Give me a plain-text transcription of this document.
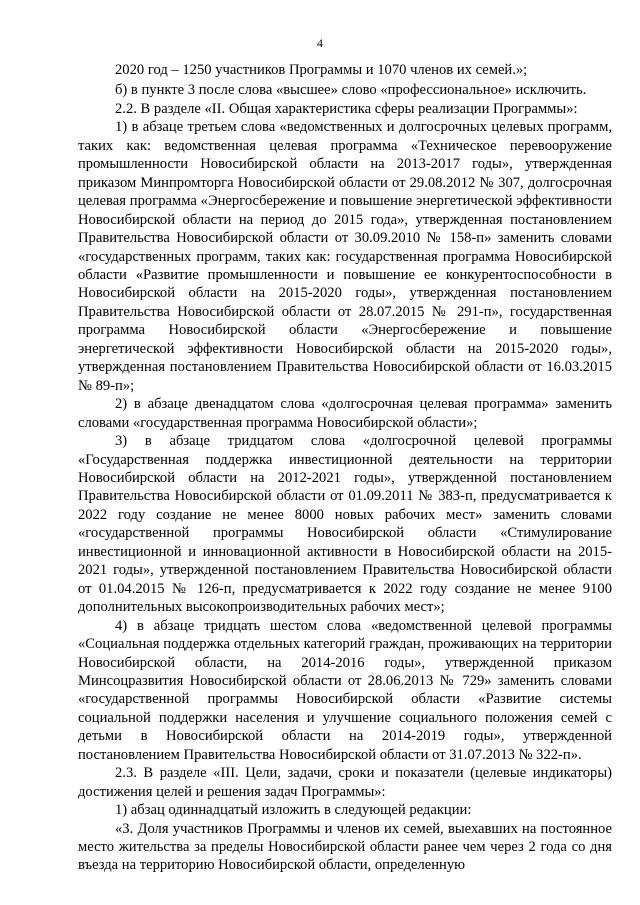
4

2020 год – 1250 участников Программы и 1070 членов их семей.»;

б) в пункте 3 после слова «высшее» слово «профессиональное» исключить.

2.2. В разделе «II. Общая характеристика сферы реализации Программы»:

1) в абзаце третьем слова «ведомственных и долгосрочных целевых программ, таких как: ведомственная целевая программа «Техническое перевооружение промышленности Новосибирской области на 2013-2017 годы», утвержденная приказом Минпромторга Новосибирской области от 29.08.2012 № 307, долгосрочная целевая программа «Энергосбережение и повышение энергетической эффективности Новосибирской области на период до 2015 года», утвержденная постановлением Правительства Новосибирской области от 30.09.2010 № 158-п» заменить словами «государственных программ, таких как: государственная программа Новосибирской области «Развитие промышленности и повышение ее конкурентоспособности в Новосибирской области на 2015-2020 годы», утвержденная постановлением Правительства Новосибирской области от 28.07.2015 № 291-п», государственная программа Новосибирской области «Энергосбережение и повышение энергетической эффективности Новосибирской области на 2015-2020 годы», утвержденная постановлением Правительства Новосибирской области от 16.03.2015 № 89-п»;

2) в абзаце двенадцатом слова «долгосрочная целевая программа» заменить словами «государственная программа Новосибирской области»;

3) в абзаце тридцатом слова «долгосрочной целевой программы «Государственная поддержка инвестиционной деятельности на территории Новосибирской области на 2012-2021 годы», утвержденной постановлением Правительства Новосибирской области от 01.09.2011 № 383-п, предусматривается к 2022 году создание не менее 8000 новых рабочих мест» заменить словами «государственной программы Новосибирской области «Стимулирование инвестиционной и инновационной активности в Новосибирской области на 2015-2021 годы», утвержденной постановлением Правительства Новосибирской области от 01.04.2015 № 126-п, предусматривается к 2022 году создание не менее 9100 дополнительных высокопроизводительных рабочих мест»;

4) в абзаце тридцать шестом слова «ведомственной целевой программы «Социальная поддержка отдельных категорий граждан, проживающих на территории Новосибирской области, на 2014-2016 годы», утвержденной приказом Минсоцразвития Новосибирской области от 28.06.2013 № 729» заменить словами «государственной программы Новосибирской области «Развитие системы социальной поддержки населения и улучшение социального положения семей с детьми в Новосибирской области на 2014-2019 годы», утвержденной постановлением Правительства Новосибирской области от 31.07.2013 № 322-п».

2.3. В разделе «III. Цели, задачи, сроки и показатели (целевые индикаторы) достижения целей и решения задач Программы»:

1) абзац одиннадцатый изложить в следующей редакции:

«3. Доля участников Программы и членов их семей, выехавших на постоянное место жительства за пределы Новосибирской области ранее чем через 2 года со дня въезда на территорию Новосибирской области, определенную
